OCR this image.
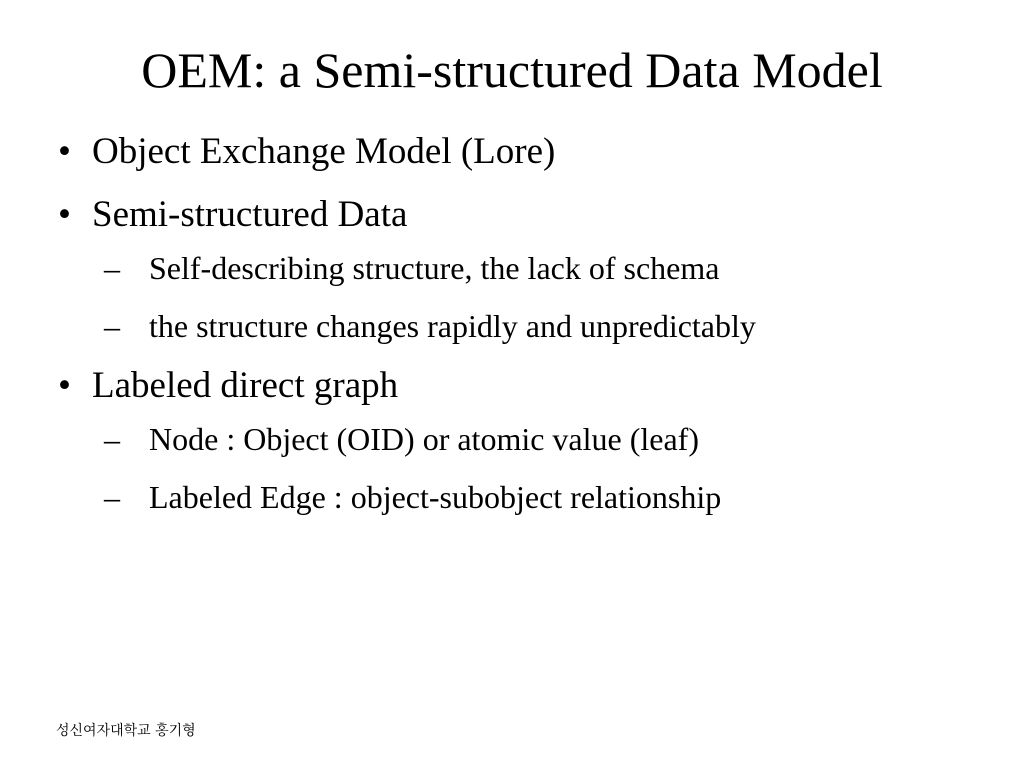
OEM: a Semi-structured Data Model
• Object Exchange Model (Lore)
• Semi-structured Data
– Self-describing structure, the lack of schema
– the structure changes rapidly and unpredictably
• Labeled direct graph
– Node : Object (OID) or atomic value (leaf)
– Labeled Edge : object-subobject relationship
성신여자대학교 홍기형
